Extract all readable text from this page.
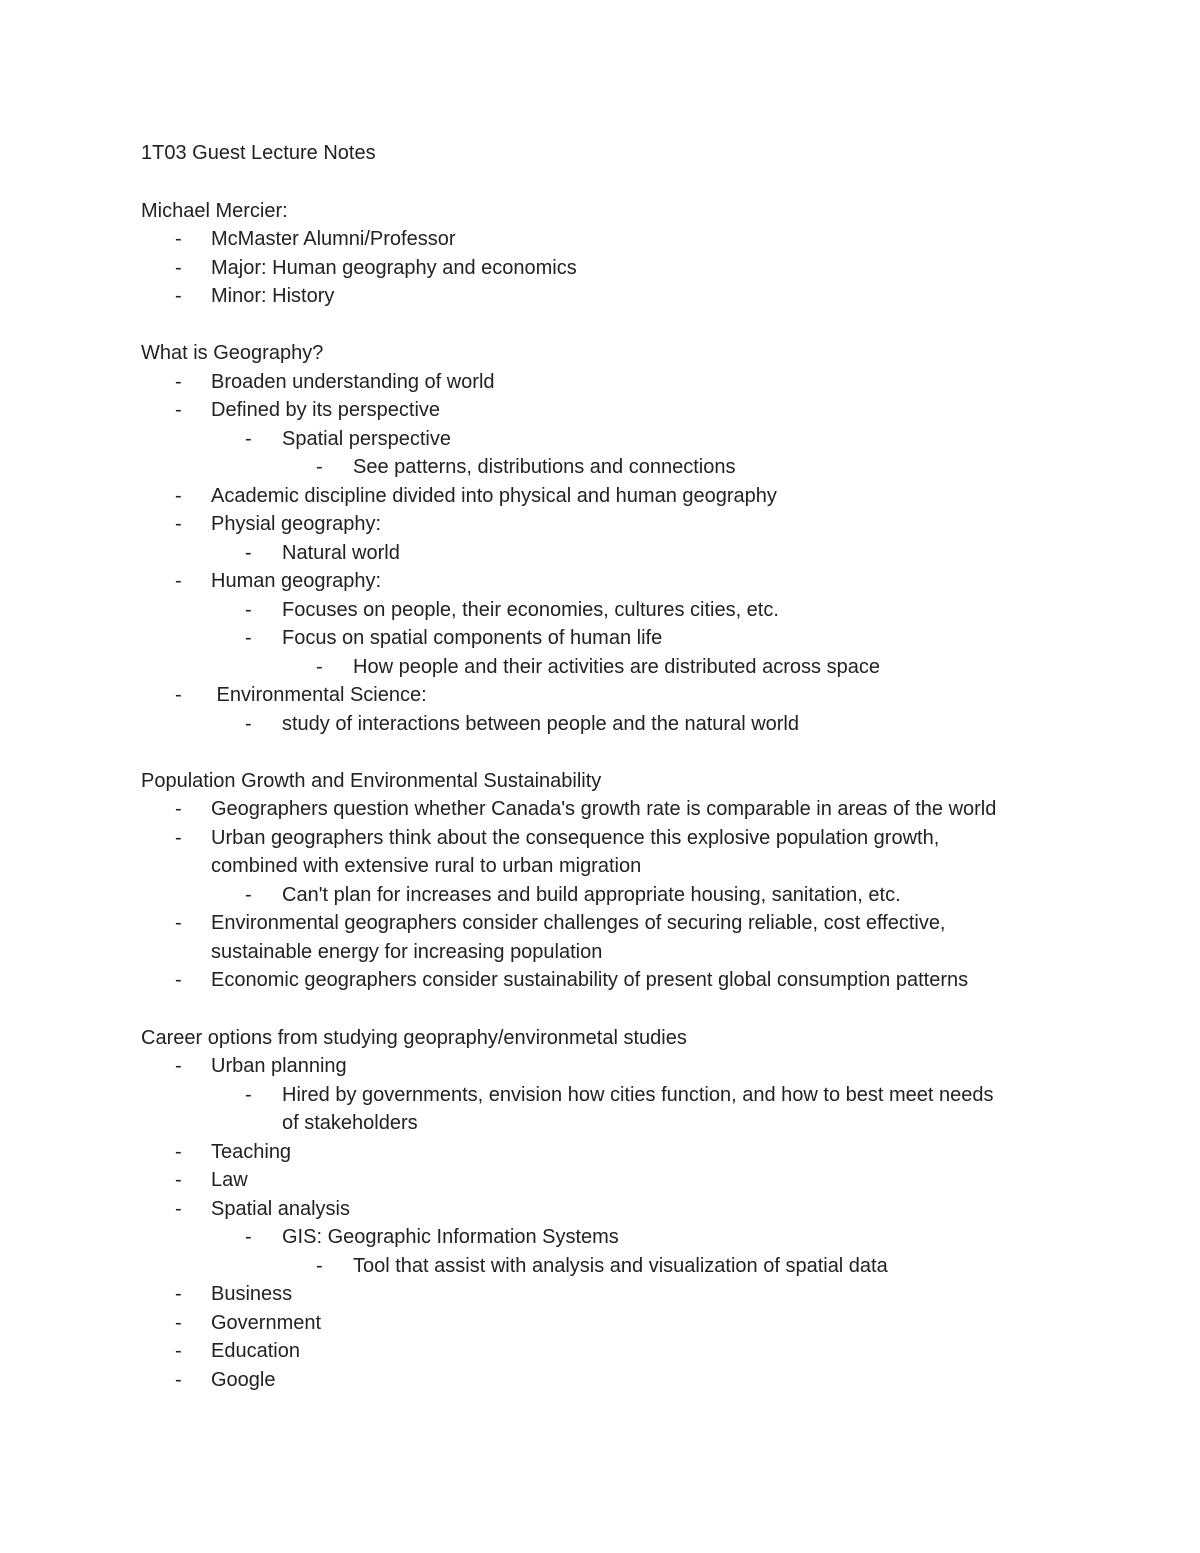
1T03 Guest Lecture Notes
Michael Mercier:
- McMaster Alumni/Professor
- Major: Human geography and economics
- Minor: History
What is Geography?
- Broaden understanding of world
- Defined by its perspective
- Spatial perspective
- See patterns, distributions and connections
- Academic discipline divided into physical and human geography
- Physial geography:
- Natural world
- Human geography:
- Focuses on people, their economies, cultures cities, etc.
- Focus on spatial components of human life
- How people and their activities are distributed across space
- Environmental Science:
- study of interactions between people and the natural world
Population Growth and Environmental Sustainability
- Geographers question whether Canada's growth rate is comparable in areas of the world
- Urban geographers think about the consequence this explosive population growth,
combined with extensive rural to urban migration
- Can't plan for increases and build appropriate housing, sanitation, etc.
- Environmental geographers consider challenges of securing reliable, cost effective,
sustainable energy for increasing population
- Economic geographers consider sustainability of present global consumption patterns
Career options from studying geopraphy/environmetal studies
- Urban planning
- Hired by governments, envision how cities function, and how to best meet needs
of stakeholders
- Teaching
- Law
- Spatial analysis
- GIS: Geographic Information Systems
- Tool that assist with analysis and visualization of spatial data
- Business
- Government
- Education
- Google
